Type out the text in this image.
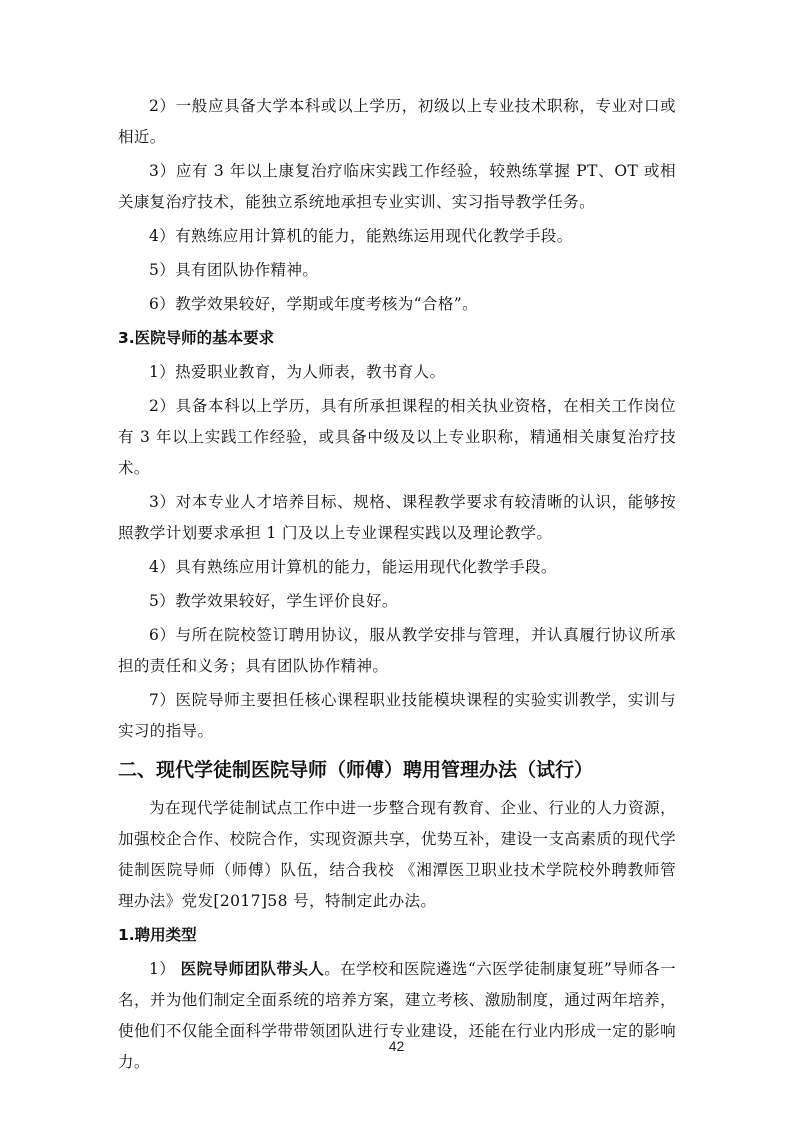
2）一般应具备大学本科或以上学历，初级以上专业技术职称，专业对口或相近。

3）应有 3 年以上康复治疗临床实践工作经验，较熟练掌握 PT、OT 或相关康复治疗技术，能独立系统地承担专业实训、实习指导教学任务。

4）有熟练应用计算机的能力，能熟练运用现代化教学手段。

5）具有团队协作精神。

6）教学效果较好，学期或年度考核为“合格”。

3.医院导师的基本要求

1）热爱职业教育，为人师表，教书育人。

2）具备本科以上学历，具有所承担课程的相关执业资格，在相关工作岗位有 3 年以上实践工作经验，或具备中级及以上专业职称，精通相关康复治疗技术。

3）对本专业人才培养目标、规格、课程教学要求有较清晰的认识，能够按照教学计划要求承担 1 门及以上专业课程实践以及理论教学。

4）具有熟练应用计算机的能力，能运用现代化教学手段。

5）教学效果较好，学生评价良好。

6）与所在院校签订聘用协议，服从教学安排与管理，并认真履行协议所承担的责任和义务；具有团队协作精神。

7）医院导师主要担任核心课程职业技能模块课程的实验实训教学，实训与实习的指导。

二、现代学徒制医院导师（师傅）聘用管理办法（试行）

为在现代学徒制试点工作中进一步整合现有教育、企业、行业的人力资源，加强校企合作、校院合作，实现资源共享，优势互补，建设一支高素质的现代学徒制医院导师（师傅）队伍，结合我校 《湘潭医卫职业技术学院校外聘教师管理办法》党发[2017]58 号，特制定此办法。

1.聘用类型

1） 医院导师团队带头人。在学校和医院遴选“六医学徒制康复班”导师各一名，并为他们制定全面系统的培养方案，建立考核、激励制度，通过两年培养，使他们不仅能全面科学带带领团队进行专业建设，还能在行业内形成一定的影响力。

42
